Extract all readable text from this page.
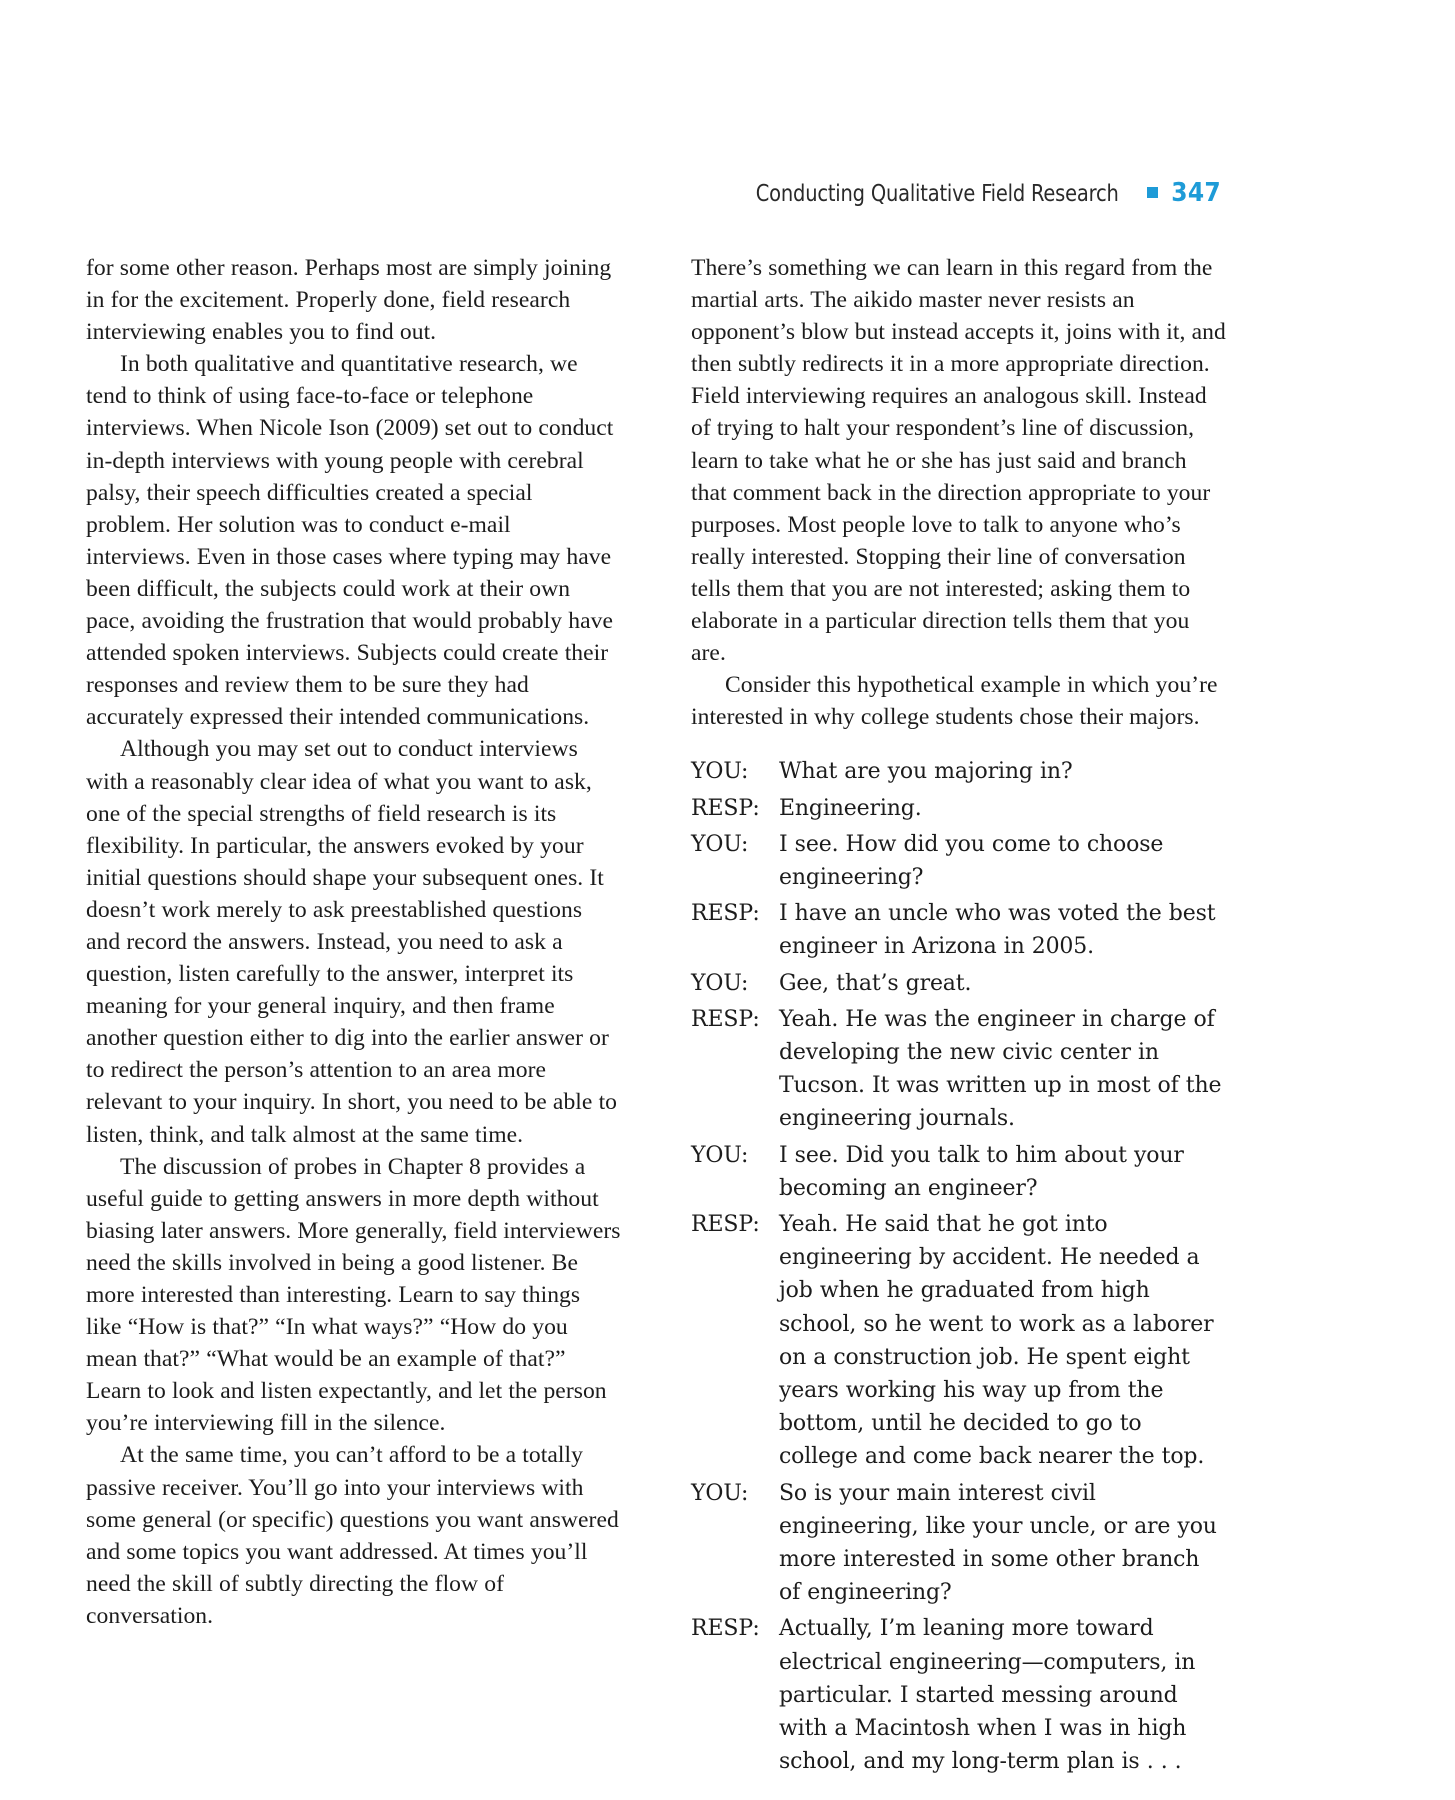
Conducting Qualitative Field Research 347

for some other reason. Perhaps most are simply joining in for the excitement. Properly done, field research interviewing enables you to find out.

In both qualitative and quantitative research, we tend to think of using face-to-face or telephone interviews. When Nicole Ison (2009) set out to conduct in-depth interviews with young people with cerebral palsy, their speech difficulties created a special problem. Her solution was to conduct e-mail interviews. Even in those cases where typing may have been difficult, the subjects could work at their own pace, avoiding the frustration that would probably have attended spoken interviews. Subjects could create their responses and review them to be sure they had accurately expressed their intended communications.

Although you may set out to conduct interviews with a reasonably clear idea of what you want to ask, one of the special strengths of field research is its flexibility. In particular, the answers evoked by your initial questions should shape your subsequent ones. It doesn’t work merely to ask preestablished questions and record the answers. Instead, you need to ask a question, listen carefully to the answer, interpret its meaning for your general inquiry, and then frame another question either to dig into the earlier answer or to redirect the person’s attention to an area more relevant to your inquiry. In short, you need to be able to listen, think, and talk almost at the same time.

The discussion of probes in Chapter 8 provides a useful guide to getting answers in more depth without biasing later answers. More generally, field interviewers need the skills involved in being a good listener. Be more interested than interesting. Learn to say things like “How is that?” “In what ways?” “How do you mean that?” “What would be an example of that?” Learn to look and listen expectantly, and let the person you’re interviewing fill in the silence.

At the same time, you can’t afford to be a totally passive receiver. You’ll go into your interviews with some general (or specific) questions you want answered and some topics you want addressed. At times you’ll need the skill of subtly directing the flow of conversation.

There’s something we can learn in this regard from the martial arts. The aikido master never resists an opponent’s blow but instead accepts it, joins with it, and then subtly redirects it in a more appropriate direction. Field interviewing requires an analogous skill. Instead of trying to halt your respondent’s line of discussion, learn to take what he or she has just said and branch that comment back in the direction appropriate to your purposes. Most people love to talk to anyone who’s really interested. Stopping their line of conversation tells them that you are not interested; asking them to elaborate in a particular direction tells them that you are.

Consider this hypothetical example in which you’re interested in why college students chose their majors.

YOU:	What are you majoring in?
RESP: Engineering.
YOU:	I see. How did you come to choose engineering?
RESP: I have an uncle who was voted the best engineer in Arizona in 2005.
YOU:	Gee, that’s great.
RESP: Yeah. He was the engineer in charge of developing the new civic center in Tucson. It was written up in most of the engineering journals.
YOU:	I see. Did you talk to him about your becoming an engineer?
RESP: Yeah. He said that he got into engineering by accident. He needed a job when he graduated from high school, so he went to work as a laborer on a construction job. He spent eight years working his way up from the bottom, until he decided to go to college and come back nearer the top.
YOU:	So is your main interest civil engineering, like your uncle, or are you more interested in some other branch of engineering?
RESP: Actually, I’m leaning more toward electrical engineering—computers, in particular. I started messing around with a Macintosh when I was in high school, and my long-term plan is . . .
